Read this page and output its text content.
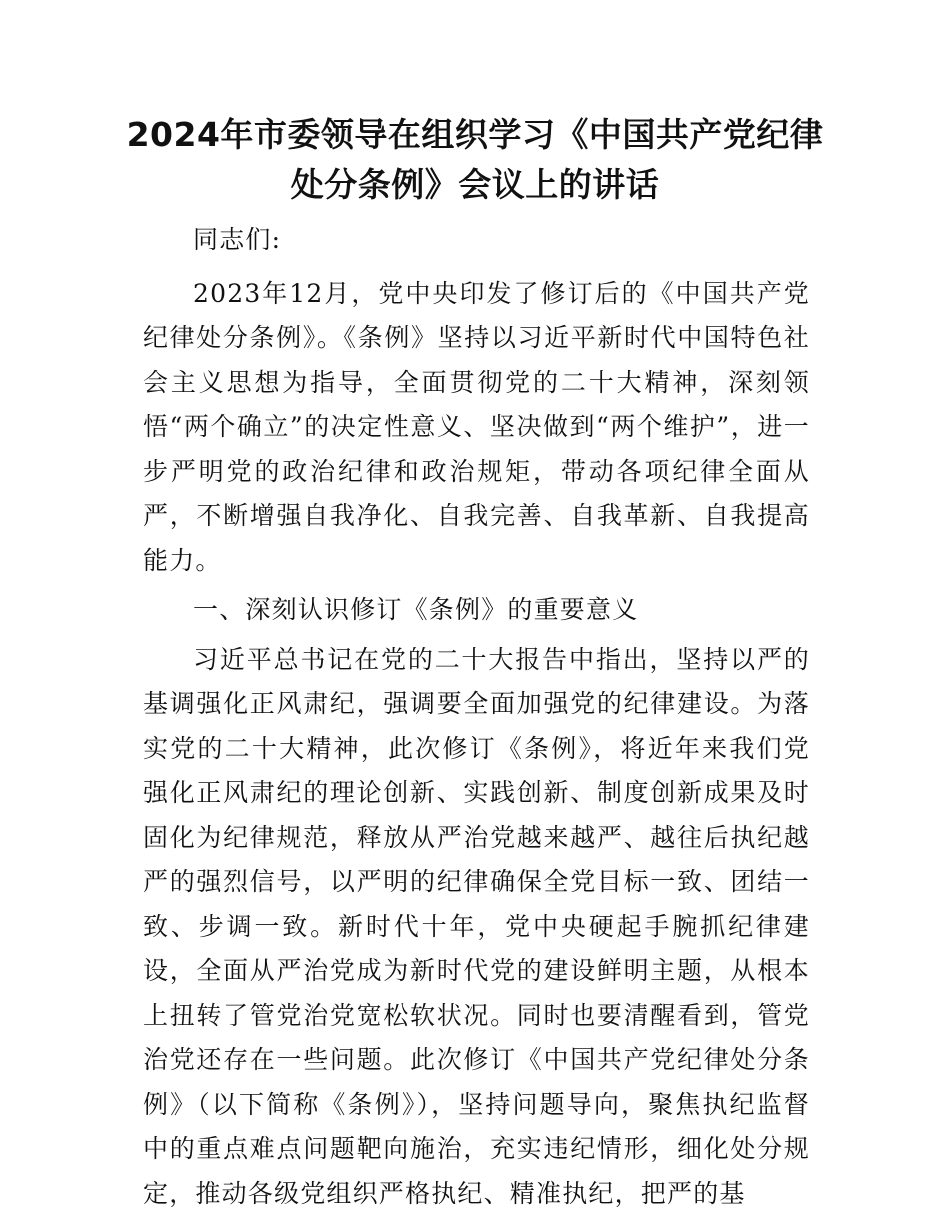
2024年市委领导在组织学习《中国共产党纪律
处分条例》会议上的讲话

同志们:

2023年12月，党中央印发了修订后的《中国共产党纪律处分条例》。《条例》坚持以习近平新时代中国特色社会主义思想为指导，全面贯彻党的二十大精神，深刻领悟“两个确立”的决定性意义、坚决做到“两个维护”，进一步严明党的政治纪律和政治规矩，带动各项纪律全面从严，不断增强自我净化、自我完善、自我革新、自我提高能力。

一、深刻认识修订《条例》的重要意义

习近平总书记在党的二十大报告中指出，坚持以严的基调强化正风肃纪，强调要全面加强党的纪律建设。为落实党的二十大精神，此次修订《条例》，将近年来我们党强化正风肃纪的理论创新、实践创新、制度创新成果及时固化为纪律规范，释放从严治党越来越严、越往后执纪越严的强烈信号，以严明的纪律确保全党目标一致、团结一致、步调一致。新时代十年，党中央硬起手腕抓纪律建设，全面从严治党成为新时代党的建设鲜明主题，从根本上扭转了管党治党宽松软状况。同时也要清醒看到，管党治党还存在一些问题。此次修订《中国共产党纪律处分条例》（以下简称《条例》），坚持问题导向，聚焦执纪监督中的重点难点问题靶向施治，充实违纪情形，细化处分规定，推动各级党组织严格执纪、精准执纪，把严的基
